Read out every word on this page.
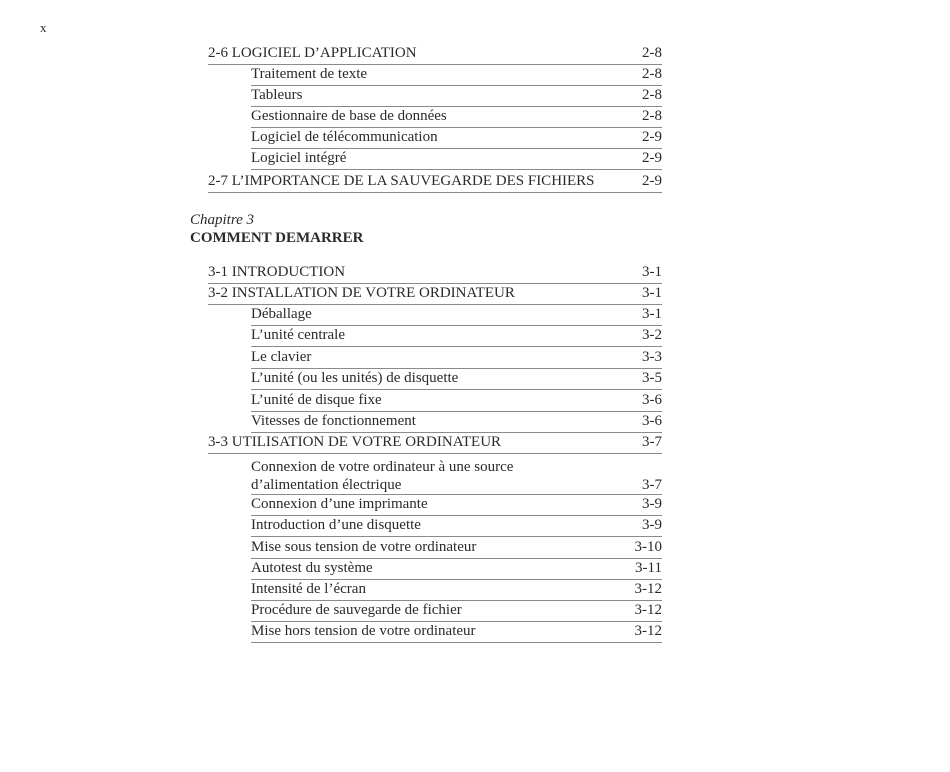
x
2-6 LOGICIEL D’APPLICATION	2-8
Traitement de texte	2-8
Tableurs	2-8
Gestionnaire de base de données	2-8
Logiciel de télécommunication	2-9
Logiciel intégré	2-9
2-7 L’IMPORTANCE DE LA SAUVEGARDE DES FICHIERS	2-9
Chapitre 3
COMMENT DEMARRER
3-1 INTRODUCTION	3-1
3-2 INSTALLATION DE VOTRE ORDINATEUR	3-1
Déballage	3-1
L’unité centrale	3-2
Le clavier	3-3
L’unité (ou les unités) de disquette	3-5
L’unité de disque fixe	3-6
Vitesses de fonctionnement	3-6
3-3 UTILISATION DE VOTRE ORDINATEUR	3-7
Connexion de votre ordinateur à une source d’alimentation électrique	3-7
Connexion d’une imprimante	3-9
Introduction d’une disquette	3-9
Mise sous tension de votre ordinateur	3-10
Autotest du système	3-11
Intensité de l’écran	3-12
Procédure de sauvegarde de fichier	3-12
Mise hors tension de votre ordinateur	3-12
